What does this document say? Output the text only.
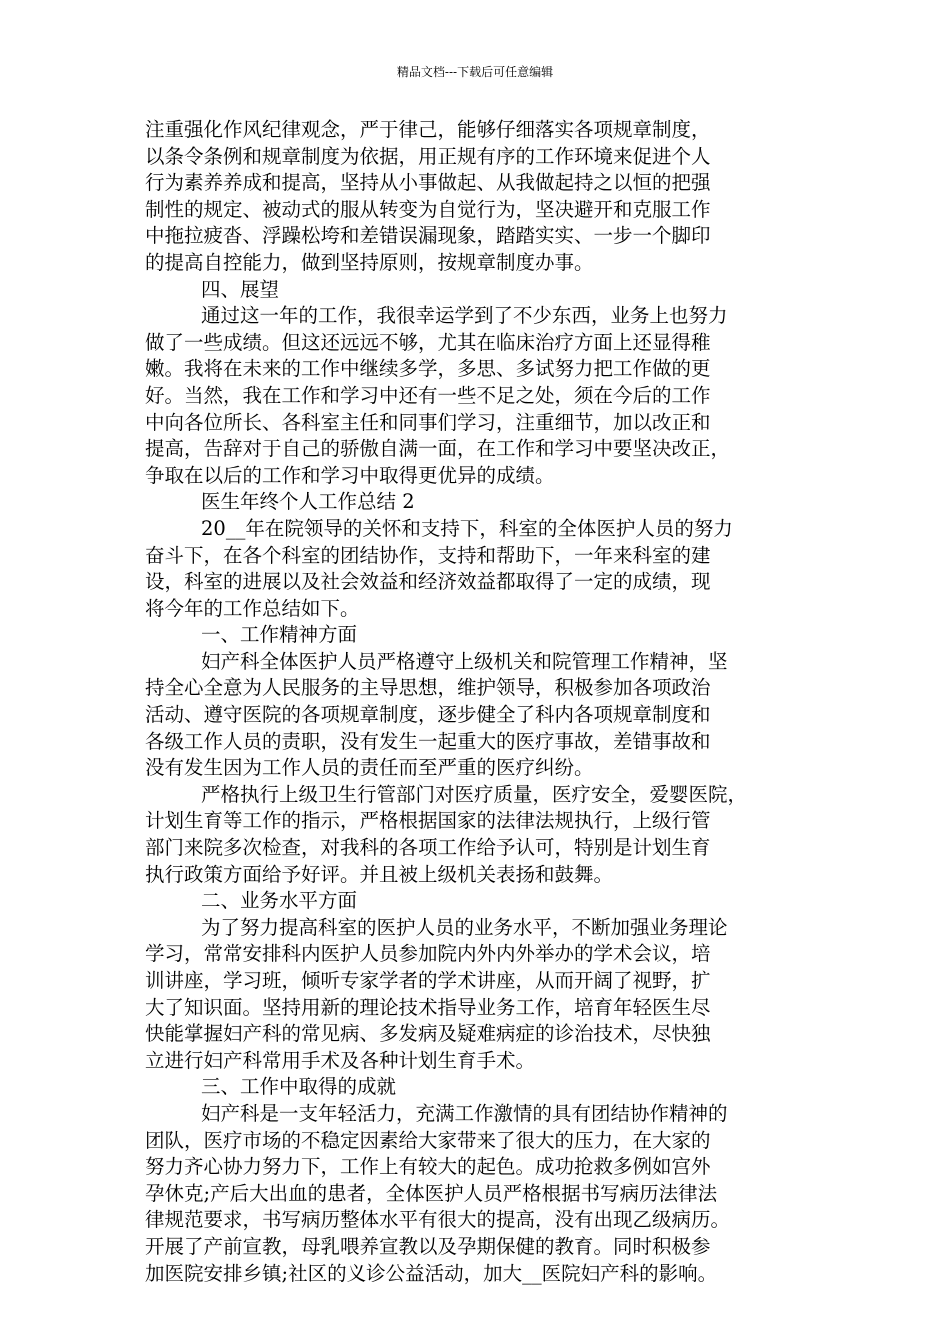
精品文档---下载后可任意编辑
注重强化作风纪律观念，严于律己，能够仔细落实各项规章制度，
以条令条例和规章制度为依据，用正规有序的工作环境来促进个人
行为素养养成和提高，坚持从小事做起、从我做起持之以恒的把强
制性的规定、被动式的服从转变为自觉行为，坚决避开和克服工作
中拖拉疲沓、浮躁松垮和差错误漏现象，踏踏实实、一步一个脚印
的提高自控能力，做到坚持原则，按规章制度办事。
四、展望
通过这一年的工作，我很幸运学到了不少东西，业务上也努力
做了一些成绩。但这还远远不够，尤其在临床治疗方面上还显得稚
嫩。我将在未来的工作中继续多学，多思、多试努力把工作做的更
好。当然，我在工作和学习中还有一些不足之处，须在今后的工作
中向各位所长、各科室主任和同事们学习，注重细节，加以改正和
提高，告辞对于自己的骄傲自满一面，在工作和学习中要坚决改正，
争取在以后的工作和学习中取得更优异的成绩。
医生年终个人工作总结 2
20__年在院领导的关怀和支持下，科室的全体医护人员的努力
奋斗下，在各个科室的团结协作，支持和帮助下，一年来科室的建
设，科室的进展以及社会效益和经济效益都取得了一定的成绩，现
将今年的工作总结如下。
一、工作精神方面
妇产科全体医护人员严格遵守上级机关和院管理工作精神，坚
持全心全意为人民服务的主导思想，维护领导，积极参加各项政治
活动、遵守医院的各项规章制度，逐步健全了科内各项规章制度和
各级工作人员的责职，没有发生一起重大的医疗事故，差错事故和
没有发生因为工作人员的责任而至严重的医疗纠纷。
严格执行上级卫生行管部门对医疗质量，医疗安全，爱婴医院，
计划生育等工作的指示，严格根据国家的法律法规执行，上级行管
部门来院多次检查，对我科的各项工作给予认可，特别是计划生育
执行政策方面给予好评。并且被上级机关表扬和鼓舞。
二、业务水平方面
为了努力提高科室的医护人员的业务水平，不断加强业务理论
学习，常常安排科内医护人员参加院内外内外举办的学术会议，培
训讲座，学习班，倾听专家学者的学术讲座，从而开阔了视野，扩
大了知识面。坚持用新的理论技术指导业务工作，培育年轻医生尽
快能掌握妇产科的常见病、多发病及疑难病症的诊治技术，尽快独
立进行妇产科常用手术及各种计划生育手术。
三、工作中取得的成就
妇产科是一支年轻活力，充满工作激情的具有团结协作精神的
团队，医疗市场的不稳定因素给大家带来了很大的压力，在大家的
努力齐心协力努力下，工作上有较大的起色。成功抢救多例如宫外
孕休克;产后大出血的患者，全体医护人员严格根据书写病历法律法
律规范要求，书写病历整体水平有很大的提高，没有出现乙级病历。
开展了产前宣教，母乳喂养宣教以及孕期保健的教育。同时积极参
加医院安排乡镇;社区的义诊公益活动，加大__医院妇产科的影响。
